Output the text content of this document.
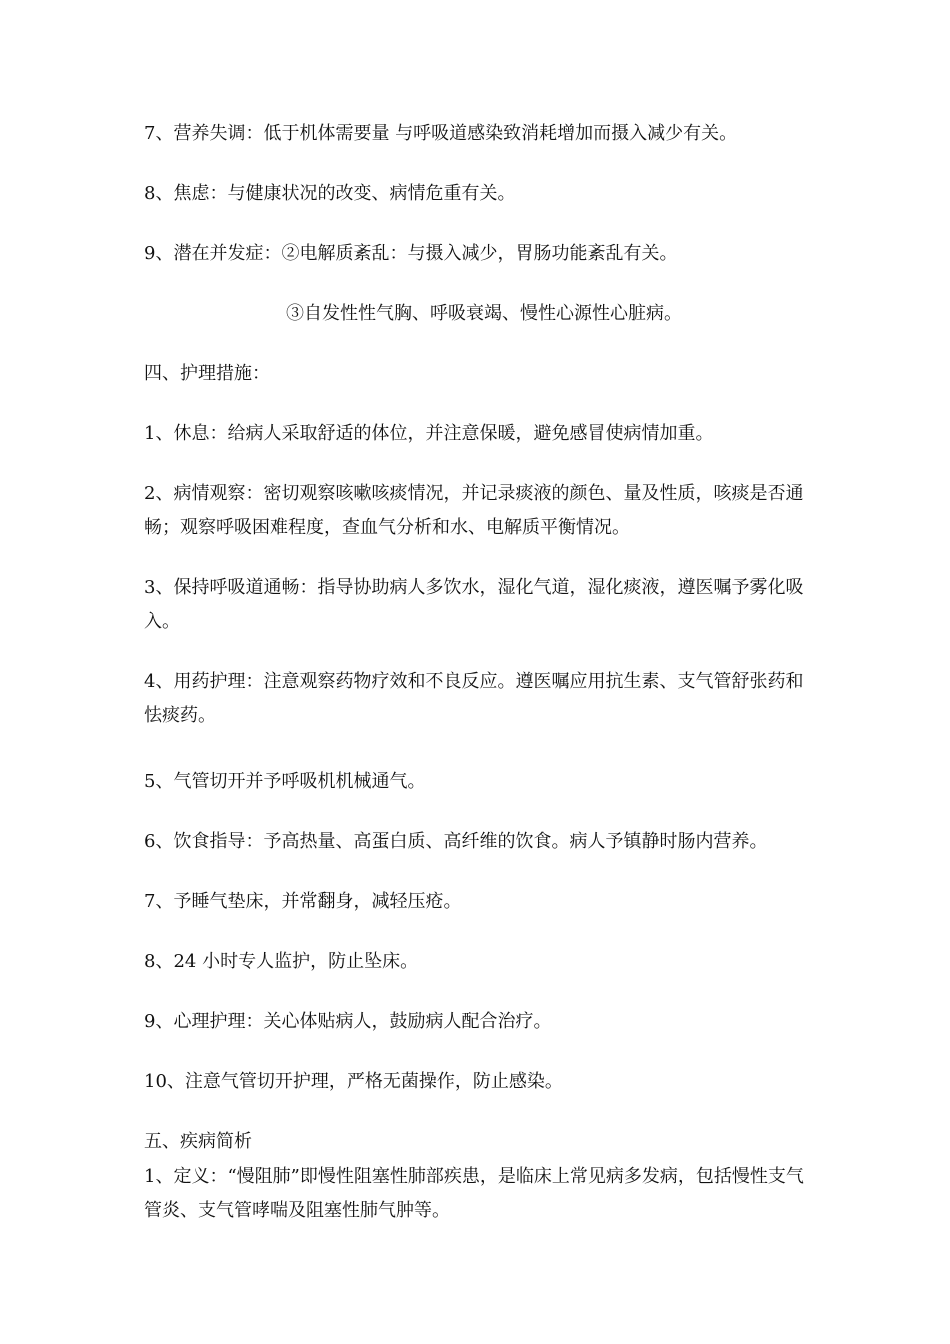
7、营养失调：低于机体需要量 与呼吸道感染致消耗增加而摄入减少有关。

8、焦虑：与健康状况的改变、病情危重有关。

9、潜在并发症：②电解质紊乱：与摄入减少，胃肠功能紊乱有关。

③自发性性气胸、呼吸衰竭、慢性心源性心脏病。

四、护理措施：

1、休息：给病人采取舒适的体位，并注意保暖，避免感冒使病情加重。

2、病情观察：密切观察咳嗽咳痰情况，并记录痰液的颜色、量及性质，咳痰是否通畅；观察呼吸困难程度，查血气分析和水、电解质平衡情况。

3、保持呼吸道通畅：指导协助病人多饮水，湿化气道，湿化痰液，遵医嘱予雾化吸入。

4、用药护理：注意观察药物疗效和不良反应。遵医嘱应用抗生素、支气管舒张药和怯痰药。

5、气管切开并予呼吸机机械通气。

6、饮食指导：予高热量、高蛋白质、高纤维的饮食。病人予镇静时肠内营养。

7、予睡气垫床，并常翻身，减轻压疮。

8、24 小时专人监护，防止坠床。

9、心理护理：关心体贴病人，鼓励病人配合治疗。

10、注意气管切开护理，严格无菌操作，防止感染。

五、疾病简析

1、定义：“慢阻肺”即慢性阻塞性肺部疾患，是临床上常见病多发病，包括慢性支气管炎、支气管哮喘及阻塞性肺气肿等。
